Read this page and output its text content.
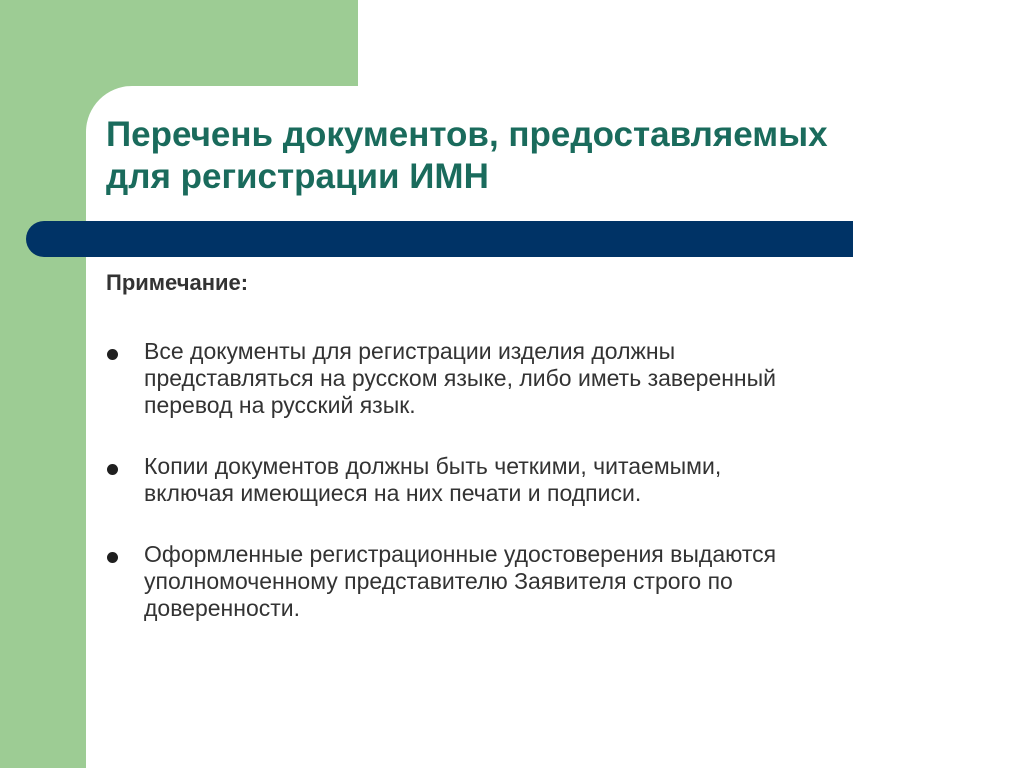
Перечень документов, предоставляемых
для регистрации ИМН

Примечание:

Все документы для регистрации изделия должны
представляться на русском языке, либо иметь заверенный
перевод на русский язык.
Копии документов должны быть четкими, читаемыми,
включая имеющиеся на них печати и подписи.
Оформленные регистрационные удостоверения выдаются
уполномоченному представителю Заявителя строго по
доверенности.
